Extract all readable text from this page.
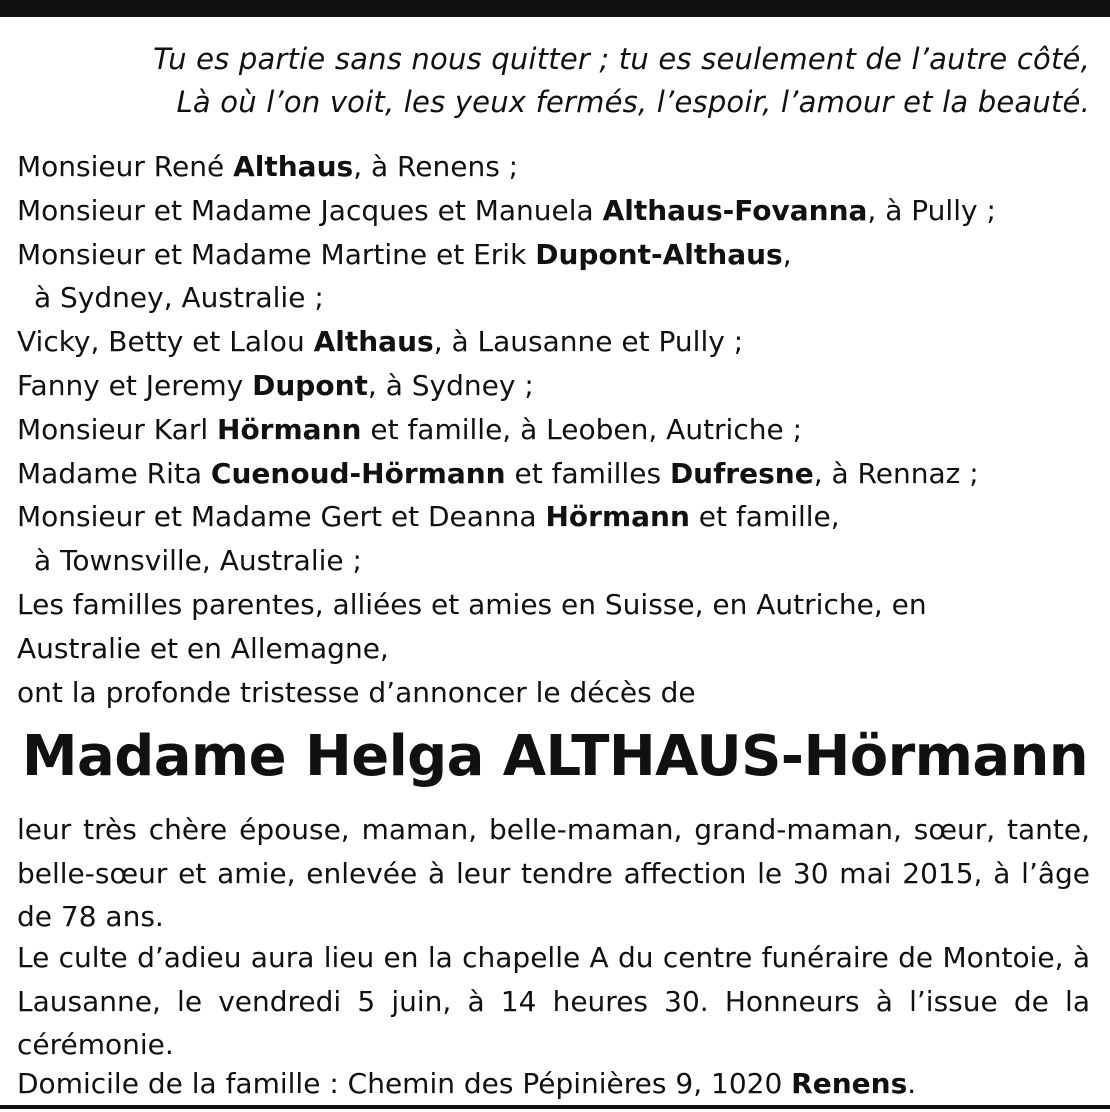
Tu es partie sans nous quitter ; tu es seulement de l’autre côté,
Là où l’on voit, les yeux fermés, l’espoir, l’amour et la beauté.
Monsieur René Althaus, à Renens ;
Monsieur et Madame Jacques et Manuela Althaus-Fovanna, à Pully ;
Monsieur et Madame Martine et Erik Dupont-Althaus,
à Sydney, Australie ;
Vicky, Betty et Lalou Althaus, à Lausanne et Pully ;
Fanny et Jeremy Dupont, à Sydney ;
Monsieur Karl Hörmann et famille, à Leoben, Autriche ;
Madame Rita Cuenoud-Hörmann et familles Dufresne, à Rennaz ;
Monsieur et Madame Gert et Deanna Hörmann et famille,
à Townsville, Australie ;
Les familles parentes, alliées et amies en Suisse, en Autriche, en
Australie et en Allemagne,
ont la profonde tristesse d’annoncer le décès de
Madame Helga ALTHAUS-Hörmann
leur très chère épouse, maman, belle-maman, grand-maman, sœur, tante, belle-sœur et amie, enlevée à leur tendre affection le 30 mai 2015, à l’âge de 78 ans.
Le culte d’adieu aura lieu en la chapelle A du centre funéraire de Montoie, à Lausanne, le vendredi 5 juin, à 14 heures 30. Honneurs à l’issue de la cérémonie.
Domicile de la famille : Chemin des Pépinières 9, 1020 Renens.
